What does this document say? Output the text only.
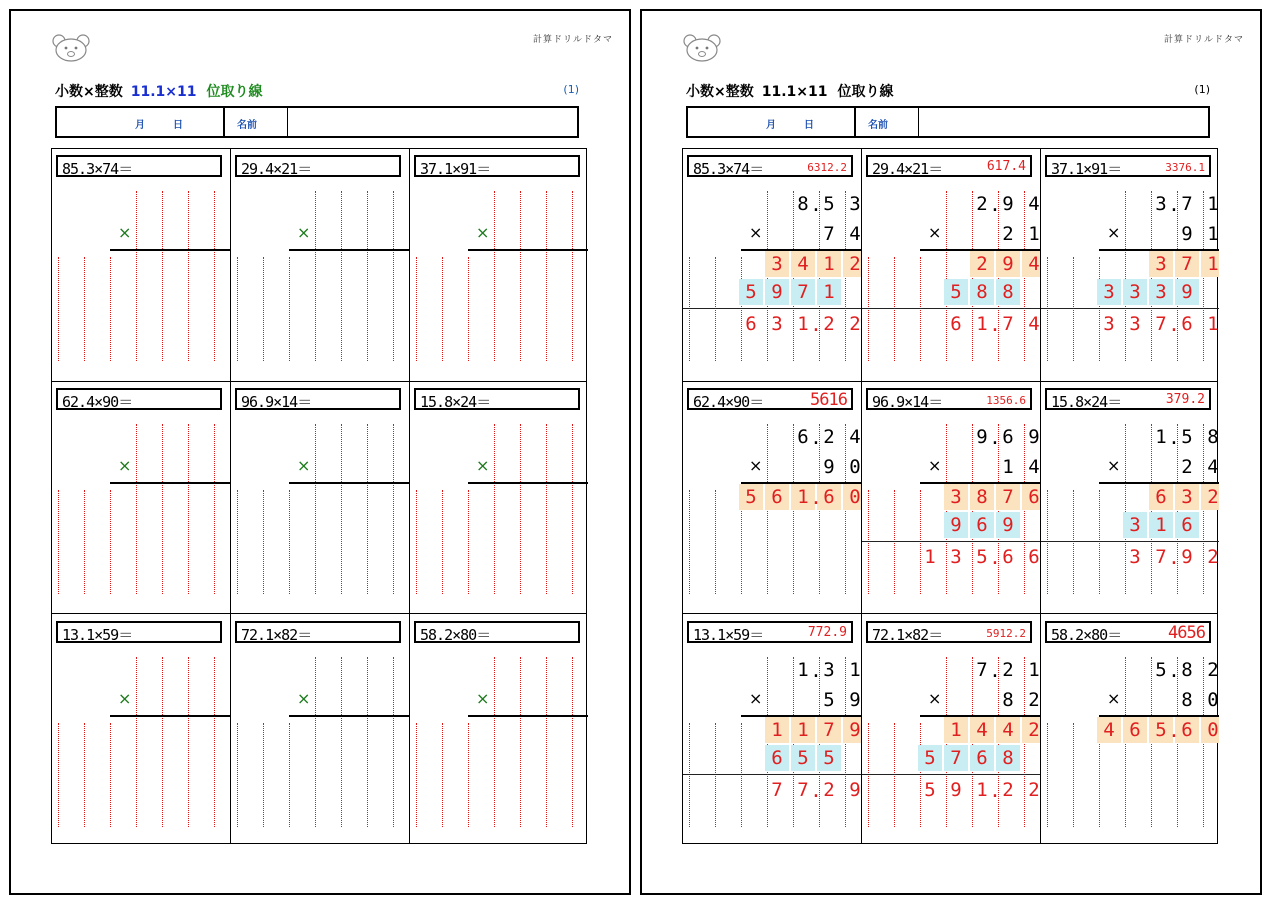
計算ドリルドタマ
小数×整数 11.1×11 位取り線	(1)
月	日	名前
85.3×74＝
×
29.4×21＝
×
37.1×91＝
×
62.4×90＝
×
96.9×14＝
×
15.8×24＝
×
13.1×59＝
×
72.1×82＝
×
58.2×80＝
×
計算ドリルドタマ
小数×整数 11.1×11 位取り線	(1)
月	日	名前
85.3×74＝	6312.2
×
8 5 3
.
7 4
3 4 1 2
5 9 7 1
6 3 1 2 2
.
29.4×21＝	617.4
×
2 9 4
.
2 1
2 9 4
5 8 8
6 1 7 4
.
37.1×91＝	3376.1
×
3 7 1
.
9 1
3 7 1
3 3 3 9
3 3 7 6 1
.
62.4×90＝	5616
×
6 2 4
.
9 0
5 6 1 6 0
.
96.9×14＝	1356.6
×
9 6 9
.
1 4
3 8 7 6
9 6 9
1 3 5 6 6
.
15.8×24＝	379.2
×
1 5 8
.
2 4
6 3 2
3 1 6
3 7 9 2
.
13.1×59＝	772.9
×
1 3 1
.
5 9
1 1 7 9
6 5 5
7 7 2 9
.
72.1×82＝	5912.2
×
7 2 1
.
8 2
1 4 4 2
5 7 6 8
5 9 1 2 2
.
58.2×80＝	4656
×
5 8 2
.
8 0
4 6 5 6 0
.
